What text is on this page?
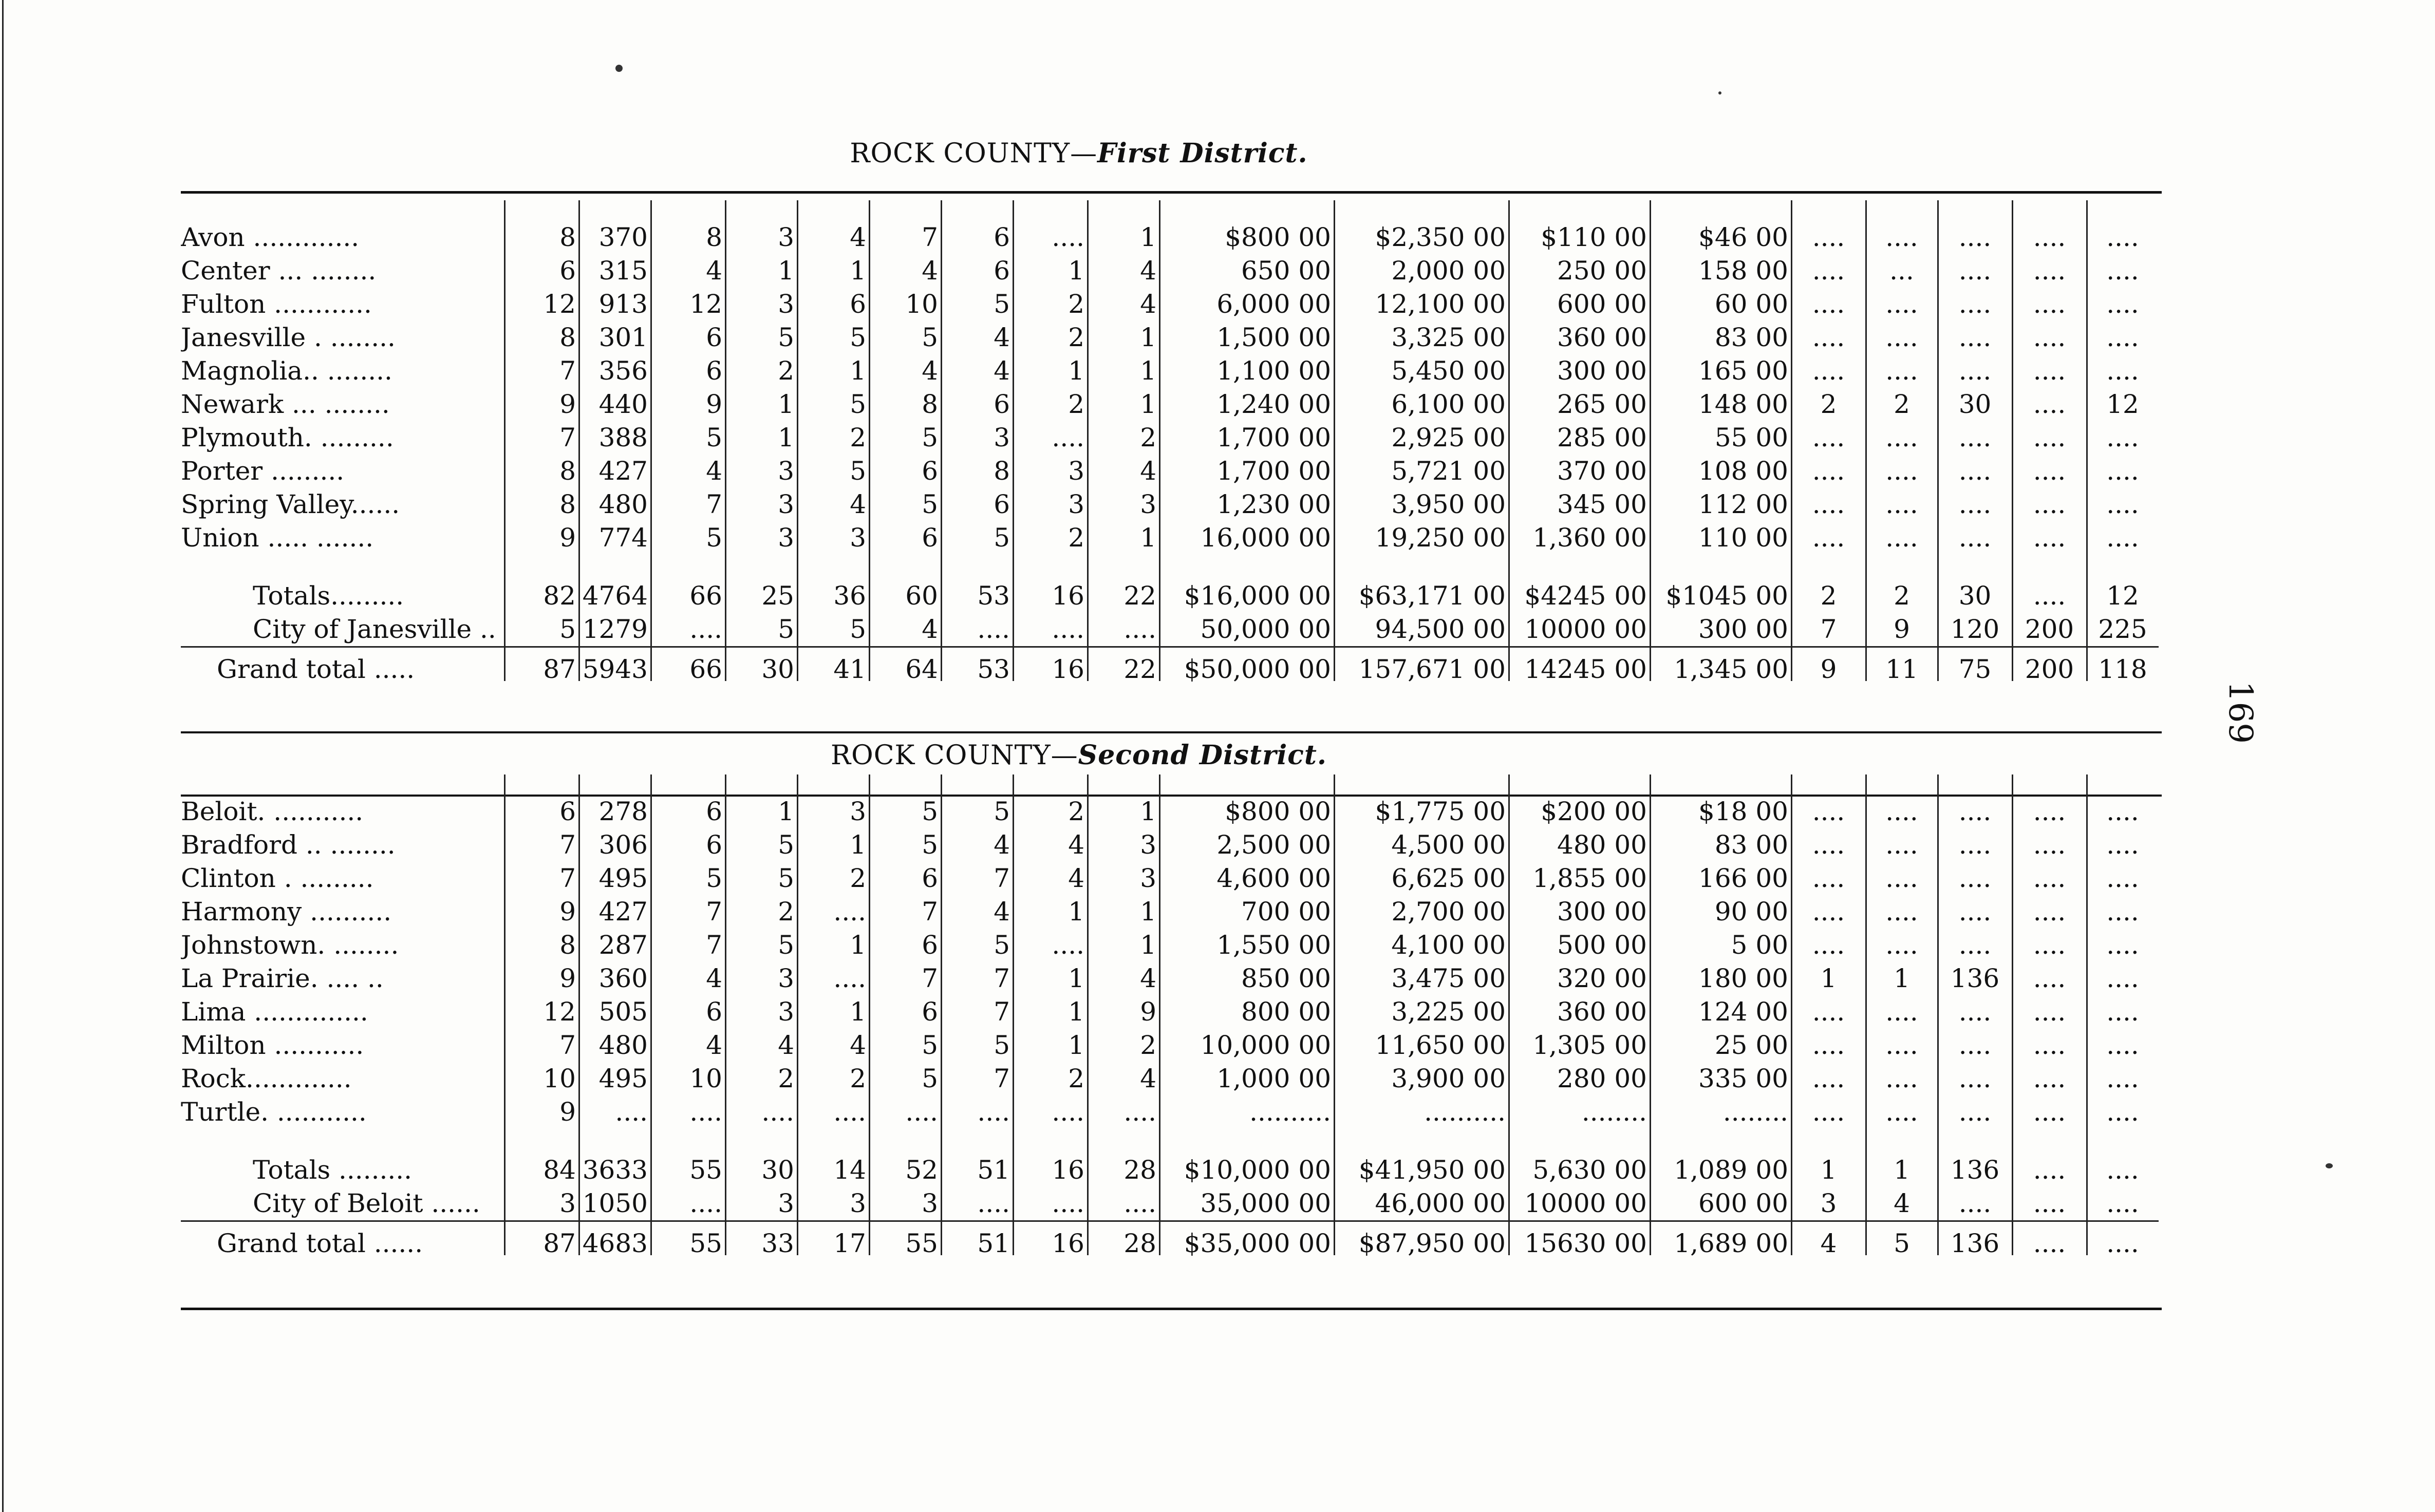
ROCK COUNTY—First District.
Avon .............	8	370	8	3	4	7	6	....	1	$800 00	$2,350 00	$110 00	$46 00	....	....	....	....	....
Center ... ........	6	315	4	1	1	4	6	1	4	650 00	2,000 00	250 00	158 00	....	...	....	....	....
Fulton ............	12	913	12	3	6	10	5	2	4	6,000 00	12,100 00	600 00	60 00	....	....	....	....	....
Janesville . ........	8	301	6	5	5	5	4	2	1	1,500 00	3,325 00	360 00	83 00	....	....	....	....	....
Magnolia.. ........	7	356	6	2	1	4	4	1	1	1,100 00	5,450 00	300 00	165 00	....	....	....	....	....
Newark ... ........	9	440	9	1	5	8	6	2	1	1,240 00	6,100 00	265 00	148 00	2	2	30	....	12
Plymouth. .........	7	388	5	1	2	5	3	....	2	1,700 00	2,925 00	285 00	55 00	....	....	....	....	....
Porter .........	8	427	4	3	5	6	8	3	4	1,700 00	5,721 00	370 00	108 00	....	....	....	....	....
Spring Valley......	8	480	7	3	4	5	6	3	3	1,230 00	3,950 00	345 00	112 00	....	....	....	....	....
Union ..... .......	9	774	5	3	3	6	5	2	1	16,000 00	19,250 00	1,360 00	110 00	....	....	....	....	....

Totals.........	82	4764	66	25	36	60	53	16	22	$16,000 00	$63,171 00	$4245 00	$1045 00	2	2	30	....	12
City of Janesville ..	5	1279	....	5	5	4	....	....	....	50,000 00	94,500 00	10000 00	300 00	7	9	120	200	225

Grand total .....	87	5943	66	30	41	64	53	16	22	$50,000 00	157,671 00	14245 00	1,345 00	9	11	75	200	118
ROCK COUNTY—Second District.
Beloit. ...........	6	278	6	1	3	5	5	2	1	$800 00	$1,775 00	$200 00	$18 00	....	....	....	....	....
Bradford .. ........	7	306	6	5	1	5	4	4	3	2,500 00	4,500 00	480 00	83 00	....	....	....	....	....
Clinton . .........	7	495	5	5	2	6	7	4	3	4,600 00	6,625 00	1,855 00	166 00	....	....	....	....	....
Harmony ..........	9	427	7	2	....	7	4	1	1	700 00	2,700 00	300 00	90 00	....	....	....	....	....
Johnstown. ........	8	287	7	5	1	6	5	....	1	1,550 00	4,100 00	500 00	5 00	....	....	....	....	....
La Prairie. .... ..	9	360	4	3	....	7	7	1	4	850 00	3,475 00	320 00	180 00	1	1	136	....	....
Lima ..............	12	505	6	3	1	6	7	1	9	800 00	3,225 00	360 00	124 00	....	....	....	....	....
Milton ...........	7	480	4	4	4	5	5	1	2	10,000 00	11,650 00	1,305 00	25 00	....	....	....	....	....
Rock.............	10	495	10	2	2	5	7	2	4	1,000 00	3,900 00	280 00	335 00	....	....	....	....	....
Turtle. ...........	9	....	....	....	....	....	....	....	....	..........	..........	........	........	....	....	....	....	....

Totals .........	84	3633	55	30	14	52	51	16	28	$10,000 00	$41,950 00	5,630 00	1,089 00	1	1	136	....	....
City of Beloit ......	3	1050	....	3	3	3	....	....	....	35,000 00	46,000 00	10000 00	600 00	3	4	....	....	....

Grand total ......	87	4683	55	33	17	55	51	16	28	$35,000 00	$87,950 00	15630 00	1,689 00	4	5	136	....	....
169
